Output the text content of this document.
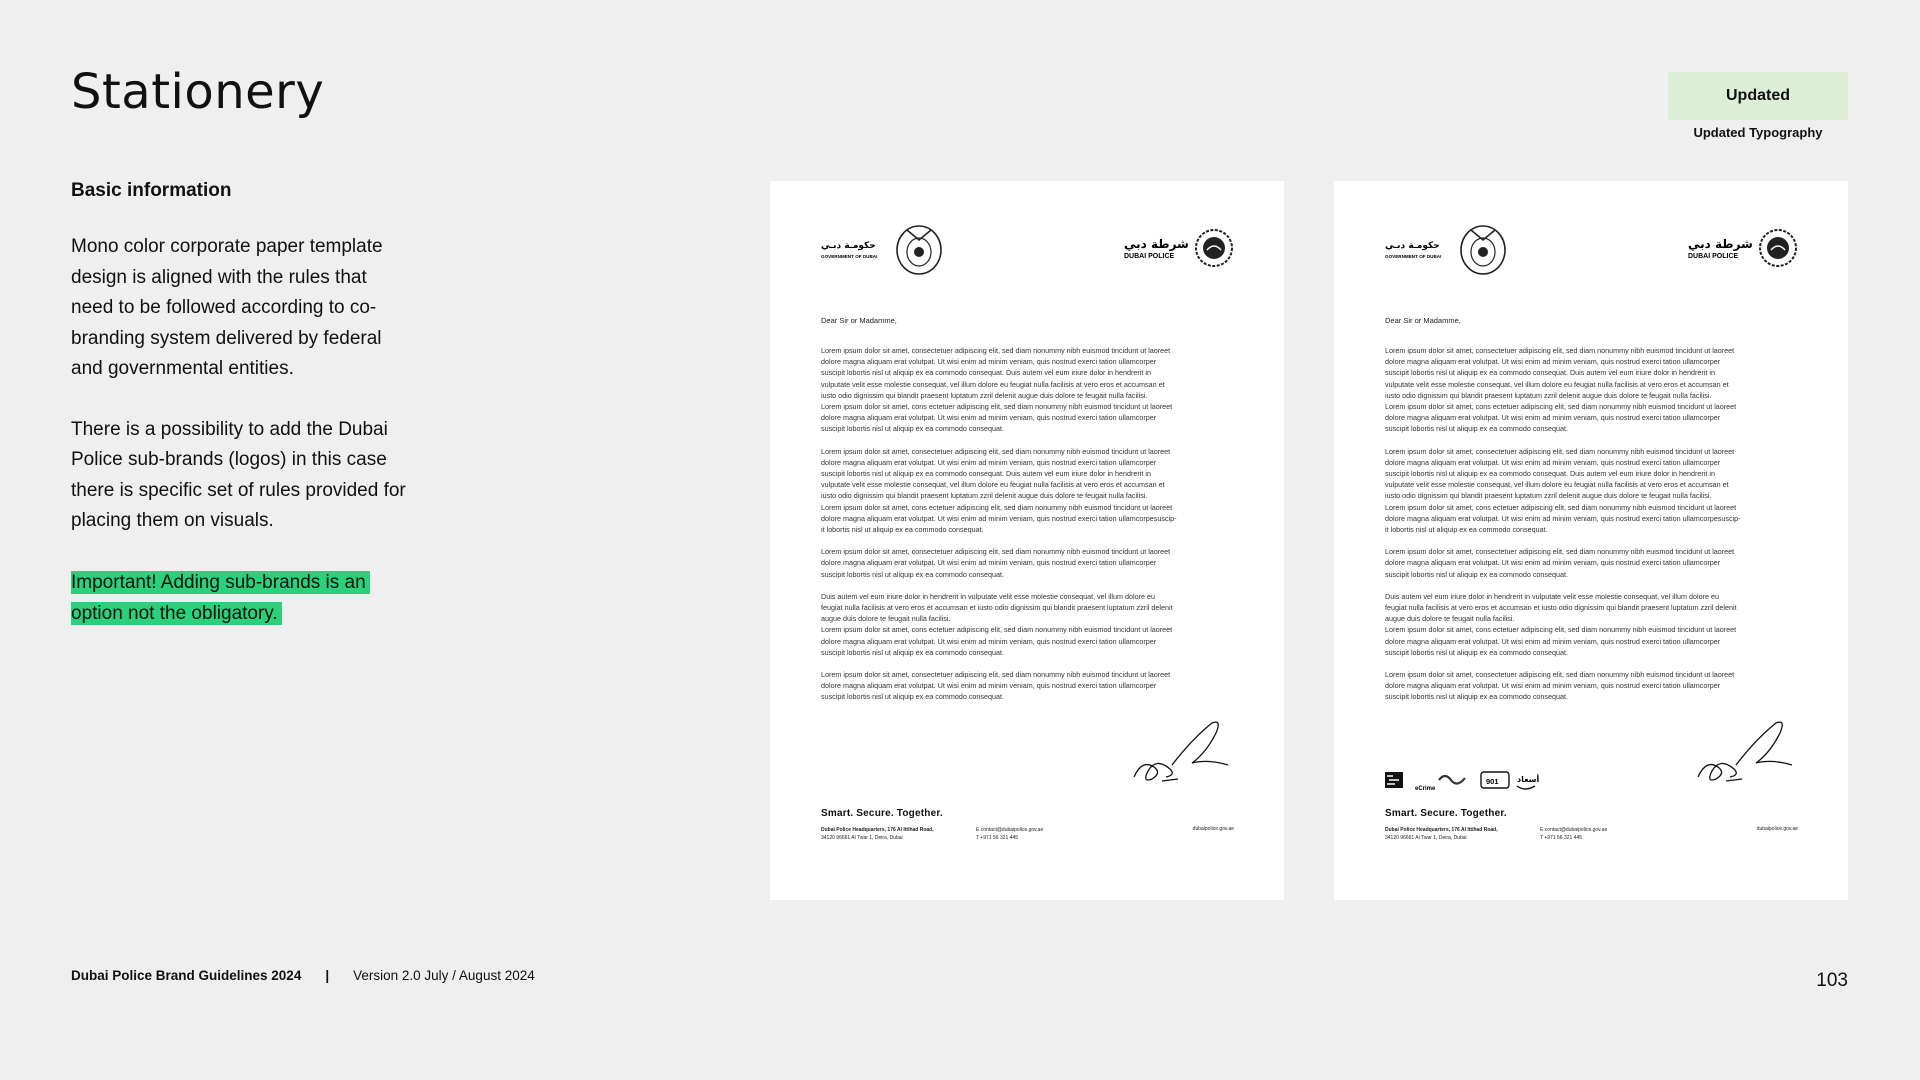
Stationery	Updated
Updated Typography
Basic information

Mono color corporate paper template design is aligned with the rules that need to be followed according to co-branding system delivered by federal and governmental entities.

There is a possibility to add the Dubai Police sub-brands (logos) in this case there is specific set of rules provided for placing them on visuals.

Important! Adding sub-brands is an option not the obligatory.

حكومـة دبـي
GOVERNMENT OF DUBAI
شرطة دبي
DUBAI POLICE
Dear Sir or Madamme,

Lorem ipsum dolor sit amet, consectetuer adipiscing elit, sed diam nonummy nibh euismod tincidunt ut laoreet
dolore magna aliquam erat volutpat. Ut wisi enim ad minim veniam, quis nostrud exerci tation ullamcorper
suscipit lobortis nisl ut aliquip ex ea commodo consequat. Duis autem vel eum iriure dolor in hendrerit in
vulputate velit esse molestie consequat, vel illum dolore eu feugiat nulla facilisis at vero eros et accumsan et
iusto odio dignissim qui blandit praesent luptatum zzril delenit augue duis dolore te feugait nulla facilisi.
Lorem ipsum dolor sit amet, cons ectetuer adipiscing elit, sed diam nonummy nibh euismod tincidunt ut laoreet
dolore magna aliquam erat volutpat. Ut wisi enim ad minim veniam, quis nostrud exerci tation ullamcorper
suscipit lobortis nisl ut aliquip ex ea commodo consequat.

Lorem ipsum dolor sit amet, consectetuer adipiscing elit, sed diam nonummy nibh euismod tincidunt ut laoreet
dolore magna aliquam erat volutpat. Ut wisi enim ad minim veniam, quis nostrud exerci tation ullamcorper
suscipit lobortis nisl ut aliquip ex ea commodo consequat. Duis autem vel eum iriure dolor in hendrerit in
vulputate velit esse molestie consequat, vel illum dolore eu feugiat nulla facilisis at vero eros et accumsan et
iusto odio dignissim qui blandit praesent luptatum zzril delenit augue duis dolore te feugait nulla facilisi.
Lorem ipsum dolor sit amet, cons ectetuer adipiscing elit, sed diam nonummy nibh euismod tincidunt ut laoreet
dolore magna aliquam erat volutpat. Ut wisi enim ad minim veniam, quis nostrud exerci tation ullamcorpesuscip-
it lobortis nisl ut aliquip ex ea commodo consequat.

Lorem ipsum dolor sit amet, consectetuer adipiscing elit, sed diam nonummy nibh euismod tincidunt ut laoreet
dolore magna aliquam erat volutpat. Ut wisi enim ad minim veniam, quis nostrud exerci tation ullamcorper
suscipit lobortis nisl ut aliquip ex ea commodo consequat.

Duis autem vel eum iriure dolor in hendrerit in vulputate velit esse molestie consequat, vel illum dolore eu
feugiat nulla facilisis at vero eros et accumsan et iusto odio dignissim qui blandit praesent luptatum zzril delenit
augue duis dolore te feugait nulla facilisi.
Lorem ipsum dolor sit amet, cons ectetuer adipiscing elit, sed diam nonummy nibh euismod tincidunt ut laoreet
dolore magna aliquam erat volutpat. Ut wisi enim ad minim veniam, quis nostrud exerci tation ullamcorper
suscipit lobortis nisl ut aliquip ex ea commodo consequat.

Lorem ipsum dolor sit amet, consectetuer adipiscing elit, sed diam nonummy nibh euismod tincidunt ut laoreet
dolore magna aliquam erat volutpat. Ut wisi enim ad minim veniam, quis nostrud exerci tation ullamcorper
suscipit lobortis nisl ut aliquip ex ea commodo consequat.

Smart. Secure. Together.
Dubai Police Headquarters, 176 Al Ittihad Road,
34120 96661 Al Twar 1, Deira, Dubai
E contact@dubaipolice.gov.ae
T +971 56 321 445
dubaipolice.gov.ae
حكومـة دبـي
GOVERNMENT OF DUBAI
شرطة دبي
DUBAI POLICE
Dear Sir or Madamme,

Lorem ipsum dolor sit amet, consectetuer adipiscing elit, sed diam nonummy nibh euismod tincidunt ut laoreet
dolore magna aliquam erat volutpat. Ut wisi enim ad minim veniam, quis nostrud exerci tation ullamcorper
suscipit lobortis nisl ut aliquip ex ea commodo consequat. Duis autem vel eum iriure dolor in hendrerit in
vulputate velit esse molestie consequat, vel illum dolore eu feugiat nulla facilisis at vero eros et accumsan et
iusto odio dignissim qui blandit praesent luptatum zzril delenit augue duis dolore te feugait nulla facilisi.
Lorem ipsum dolor sit amet, cons ectetuer adipiscing elit, sed diam nonummy nibh euismod tincidunt ut laoreet
dolore magna aliquam erat volutpat. Ut wisi enim ad minim veniam, quis nostrud exerci tation ullamcorper
suscipit lobortis nisl ut aliquip ex ea commodo consequat.

Lorem ipsum dolor sit amet, consectetuer adipiscing elit, sed diam nonummy nibh euismod tincidunt ut laoreet
dolore magna aliquam erat volutpat. Ut wisi enim ad minim veniam, quis nostrud exerci tation ullamcorper
suscipit lobortis nisl ut aliquip ex ea commodo consequat. Duis autem vel eum iriure dolor in hendrerit in
vulputate velit esse molestie consequat, vel illum dolore eu feugiat nulla facilisis at vero eros et accumsan et
iusto odio dignissim qui blandit praesent luptatum zzril delenit augue duis dolore te feugait nulla facilisi.
Lorem ipsum dolor sit amet, cons ectetuer adipiscing elit, sed diam nonummy nibh euismod tincidunt ut laoreet
dolore magna aliquam erat volutpat. Ut wisi enim ad minim veniam, quis nostrud exerci tation ullamcorpesuscip-
it lobortis nisl ut aliquip ex ea commodo consequat.

Lorem ipsum dolor sit amet, consectetuer adipiscing elit, sed diam nonummy nibh euismod tincidunt ut laoreet
dolore magna aliquam erat volutpat. Ut wisi enim ad minim veniam, quis nostrud exerci tation ullamcorper
suscipit lobortis nisl ut aliquip ex ea commodo consequat.

Duis autem vel eum iriure dolor in hendrerit in vulputate velit esse molestie consequat, vel illum dolore eu
feugiat nulla facilisis at vero eros et accumsan et iusto odio dignissim qui blandit praesent luptatum zzril delenit
augue duis dolore te feugait nulla facilisi.
Lorem ipsum dolor sit amet, cons ectetuer adipiscing elit, sed diam nonummy nibh euismod tincidunt ut laoreet
dolore magna aliquam erat volutpat. Ut wisi enim ad minim veniam, quis nostrud exerci tation ullamcorper
suscipit lobortis nisl ut aliquip ex ea commodo consequat.

Lorem ipsum dolor sit amet, consectetuer adipiscing elit, sed diam nonummy nibh euismod tincidunt ut laoreet
dolore magna aliquam erat volutpat. Ut wisi enim ad minim veniam, quis nostrud exerci tation ullamcorper
suscipit lobortis nisl ut aliquip ex ea commodo consequat.

eCrime
901 أسعاد
Smart. Secure. Together.
Dubai Police Headquarters, 176 Al Ittihad Road,
34120 96661 Al Twar 1, Deira, Dubai
E contact@dubaipolice.gov.ae
T +971 56 321 445
dubaipolice.gov.ae
Dubai Police Brand Guidelines 2024 | Version 2.0 July / August 2024	103
